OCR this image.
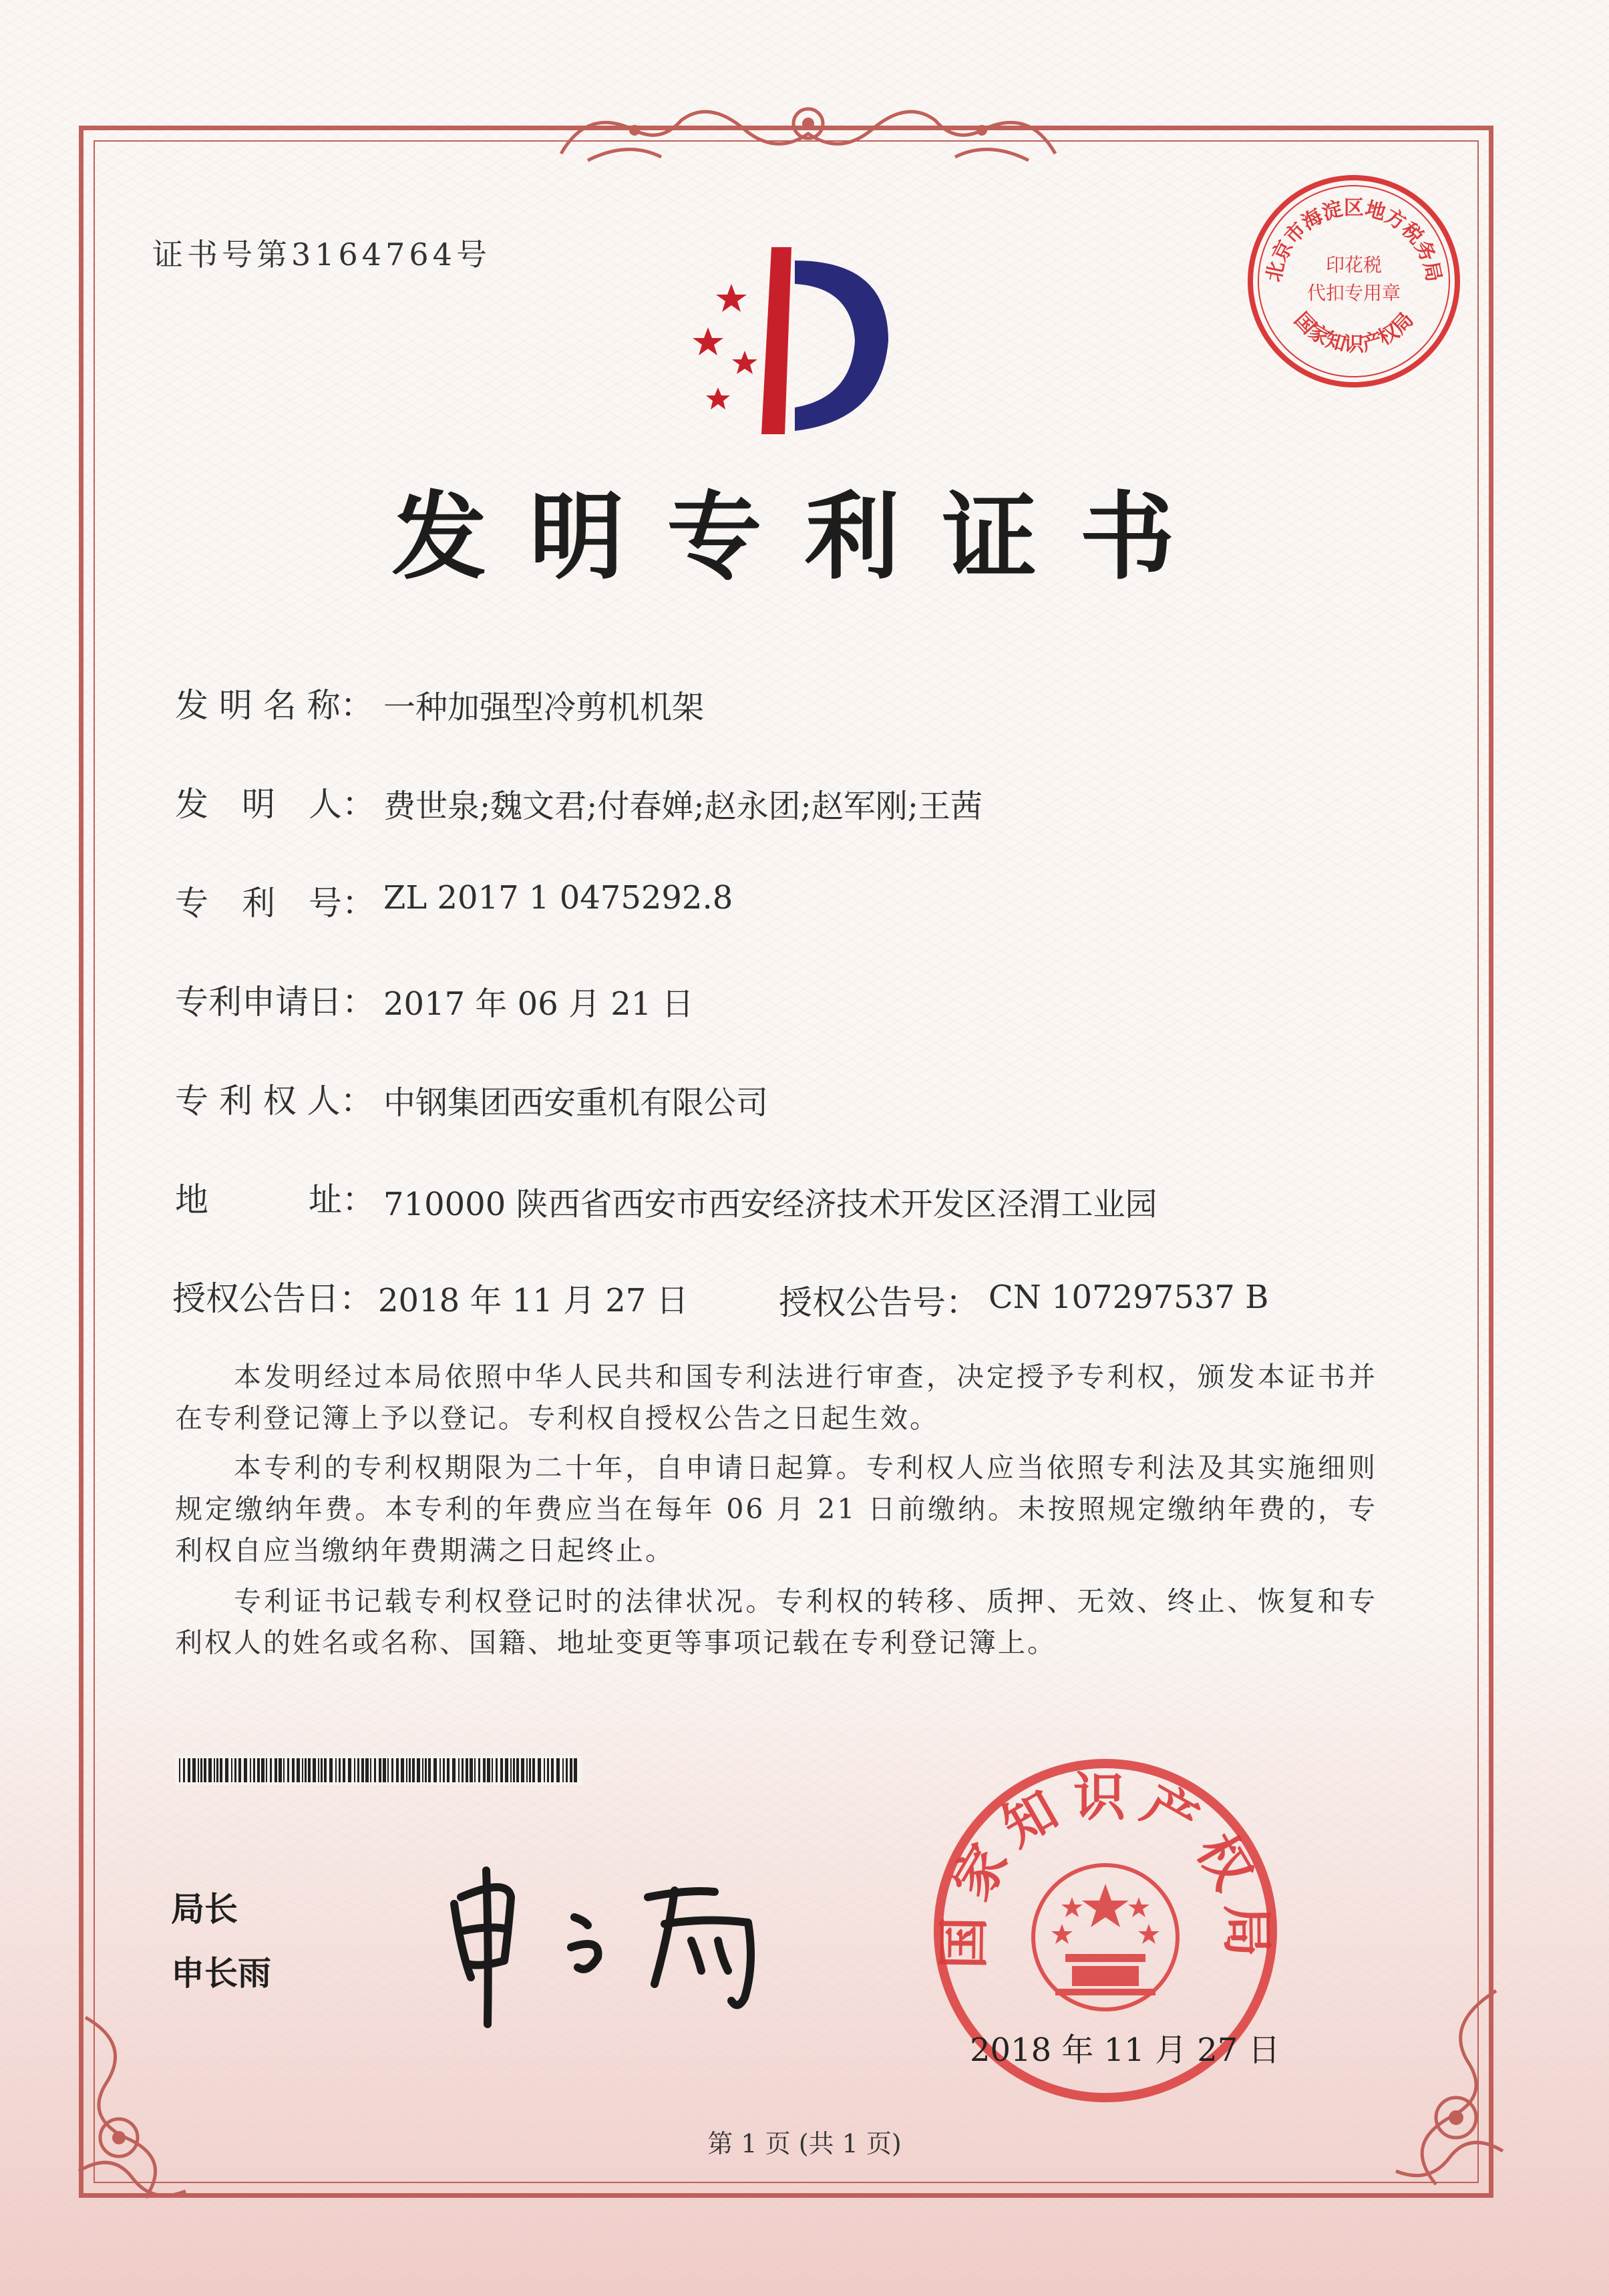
证书号第3164764号	北京市海淀区地方税务局
印花税
代扣专用章
国家知识产权局
发明专利证书
发 明 名 称： 一种加强型冷剪机机架
发　明　人： 费世泉;魏文君;付春婵;赵永团;赵军刚;王茜
专　利　号： ZL 2017 1 0475292.8
专利申请日： 2017 年 06 月 21 日
专 利 权 人： 中钢集团西安重机有限公司
地　　　址： 710000 陕西省西安市西安经济技术开发区泾渭工业园
授权公告日： 2018 年 11 月 27 日	授权公告号： CN 107297537 B
本发明经过本局依照中华人民共和国专利法进行审查，决定授予专利权，颁发本证书并在专利登记簿上予以登记。专利权自授权公告之日起生效。
本专利的专利权期限为二十年，自申请日起算。专利权人应当依照专利法及其实施细则规定缴纳年费。本专利的年费应当在每年 06 月 21 日前缴纳。未按照规定缴纳年费的，专利权自应当缴纳年费期满之日起终止。
专利证书记载专利权登记时的法律状况。专利权的转移、质押、无效、终止、恢复和专利权人的姓名或名称、国籍、地址变更等事项记载在专利登记簿上。
局长
申长雨
国家知识产权局
2018 年 11 月 27 日
第 1 页 (共 1 页)
